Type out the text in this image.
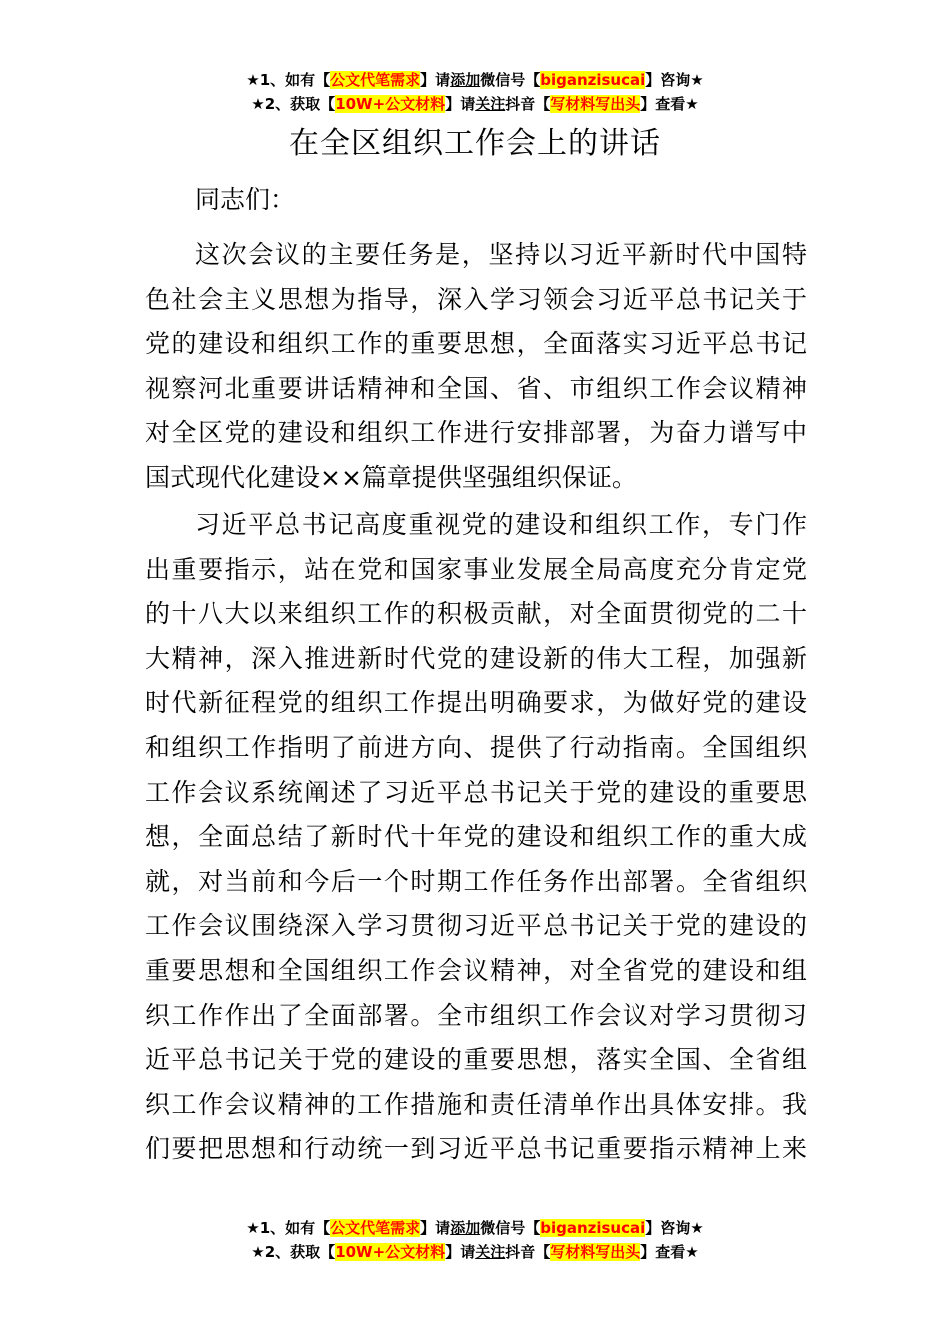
★1、如有【公文代笔需求】请添加微信号【biganzisucai】咨询★
★2、获取【10W+公文材料】请关注抖音【写材料写出头】查看★
在全区组织工作会上的讲话
同志们：
这次会议的主要任务是，坚持以习近平新时代中国特
色社会主义思想为指导，深入学习领会习近平总书记关于
党的建设和组织工作的重要思想，全面落实习近平总书记
视察河北重要讲话精神和全国、省、市组织工作会议精神
对全区党的建设和组织工作进行安排部署，为奋力谱写中
国式现代化建设××篇章提供坚强组织保证。
习近平总书记高度重视党的建设和组织工作，专门作
出重要指示，站在党和国家事业发展全局高度充分肯定党
的十八大以来组织工作的积极贡献，对全面贯彻党的二十
大精神，深入推进新时代党的建设新的伟大工程，加强新
时代新征程党的组织工作提出明确要求，为做好党的建设
和组织工作指明了前进方向、提供了行动指南。全国组织
工作会议系统阐述了习近平总书记关于党的建设的重要思
想，全面总结了新时代十年党的建设和组织工作的重大成
就，对当前和今后一个时期工作任务作出部署。全省组织
工作会议围绕深入学习贯彻习近平总书记关于党的建设的
重要思想和全国组织工作会议精神，对全省党的建设和组
织工作作出了全面部署。全市组织工作会议对学习贯彻习
近平总书记关于党的建设的重要思想，落实全国、全省组
织工作会议精神的工作措施和责任清单作出具体安排。我
们要把思想和行动统一到习近平总书记重要指示精神上来
★1、如有【公文代笔需求】请添加微信号【biganzisucai】咨询★
★2、获取【10W+公文材料】请关注抖音【写材料写出头】查看★
